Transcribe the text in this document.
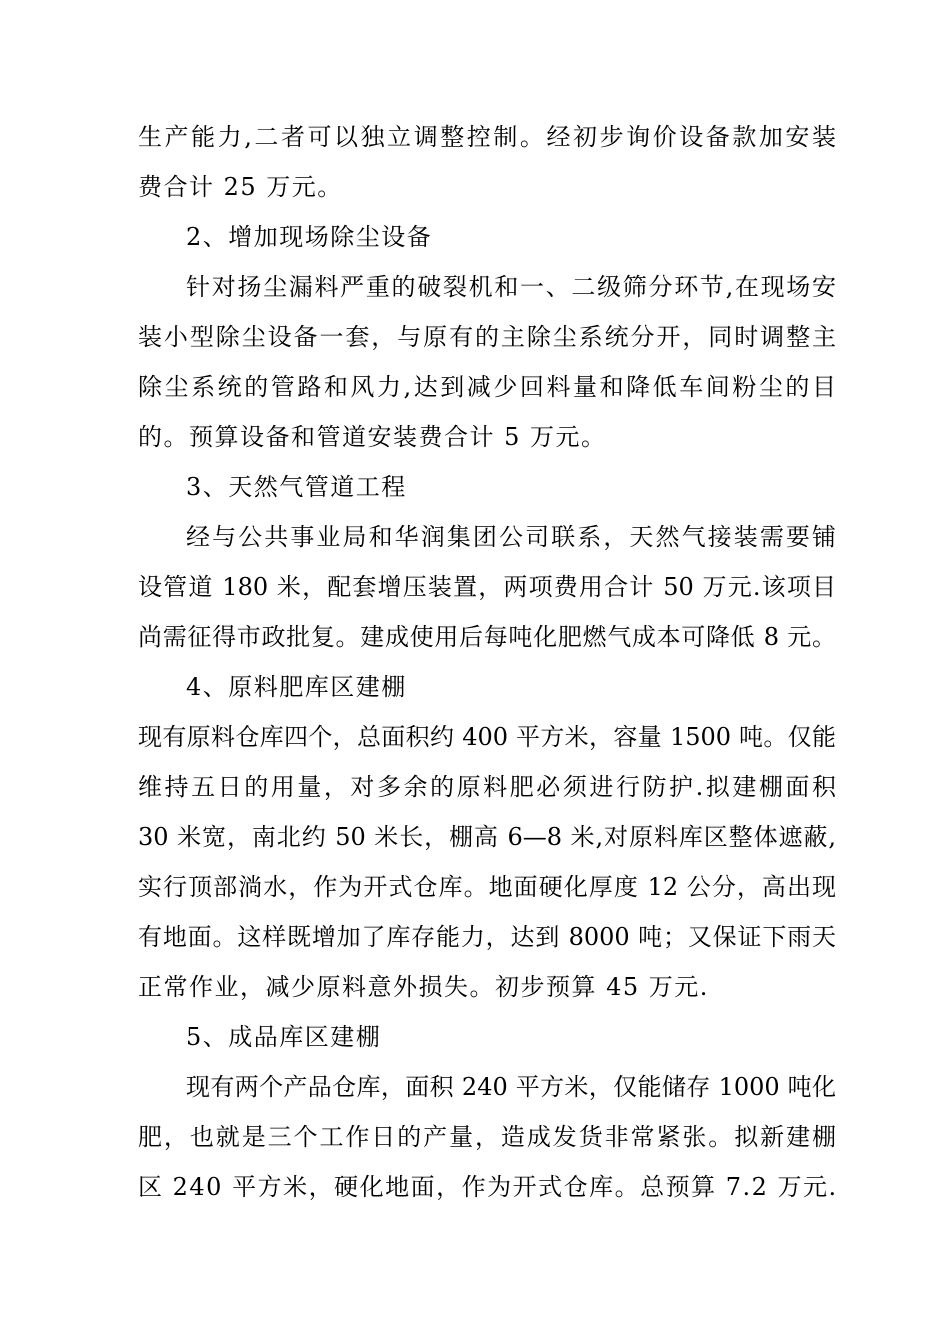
生产能力,二者可以独立调整控制。经初步询价设备款加安装
费合计 25 万元。
2、增加现场除尘设备
针对扬尘漏料严重的破裂机和一、二级筛分环节,在现场安
装小型除尘设备一套，与原有的主除尘系统分开，同时调整主
除尘系统的管路和风力,达到减少回料量和降低车间粉尘的目
的。预算设备和管道安装费合计 5 万元。
3、天然气管道工程
经与公共事业局和华润集团公司联系，天然气接装需要铺
设管道 180 米，配套增压装置，两项费用合计 50 万元.该项目
尚需征得市政批复。建成使用后每吨化肥燃气成本可降低 8 元。
4、原料肥库区建棚
现有原料仓库四个，总面积约 400 平方米，容量 1500 吨。仅能
维持五日的用量，对多余的原料肥必须进行防护.拟建棚面积
30 米宽，南北约 50 米长，棚高 6—8 米,对原料库区整体遮蔽,
实行顶部淌水，作为开式仓库。地面硬化厚度 12 公分，高出现
有地面。这样既增加了库存能力，达到 8000 吨；又保证下雨天
正常作业，减少原料意外损失。初步预算 45 万元.
5、成品库区建棚
现有两个产品仓库，面积 240 平方米，仅能储存 1000 吨化
肥，也就是三个工作日的产量，造成发货非常紧张。拟新建棚
区 240 平方米，硬化地面，作为开式仓库。总预算 7.2 万元.
